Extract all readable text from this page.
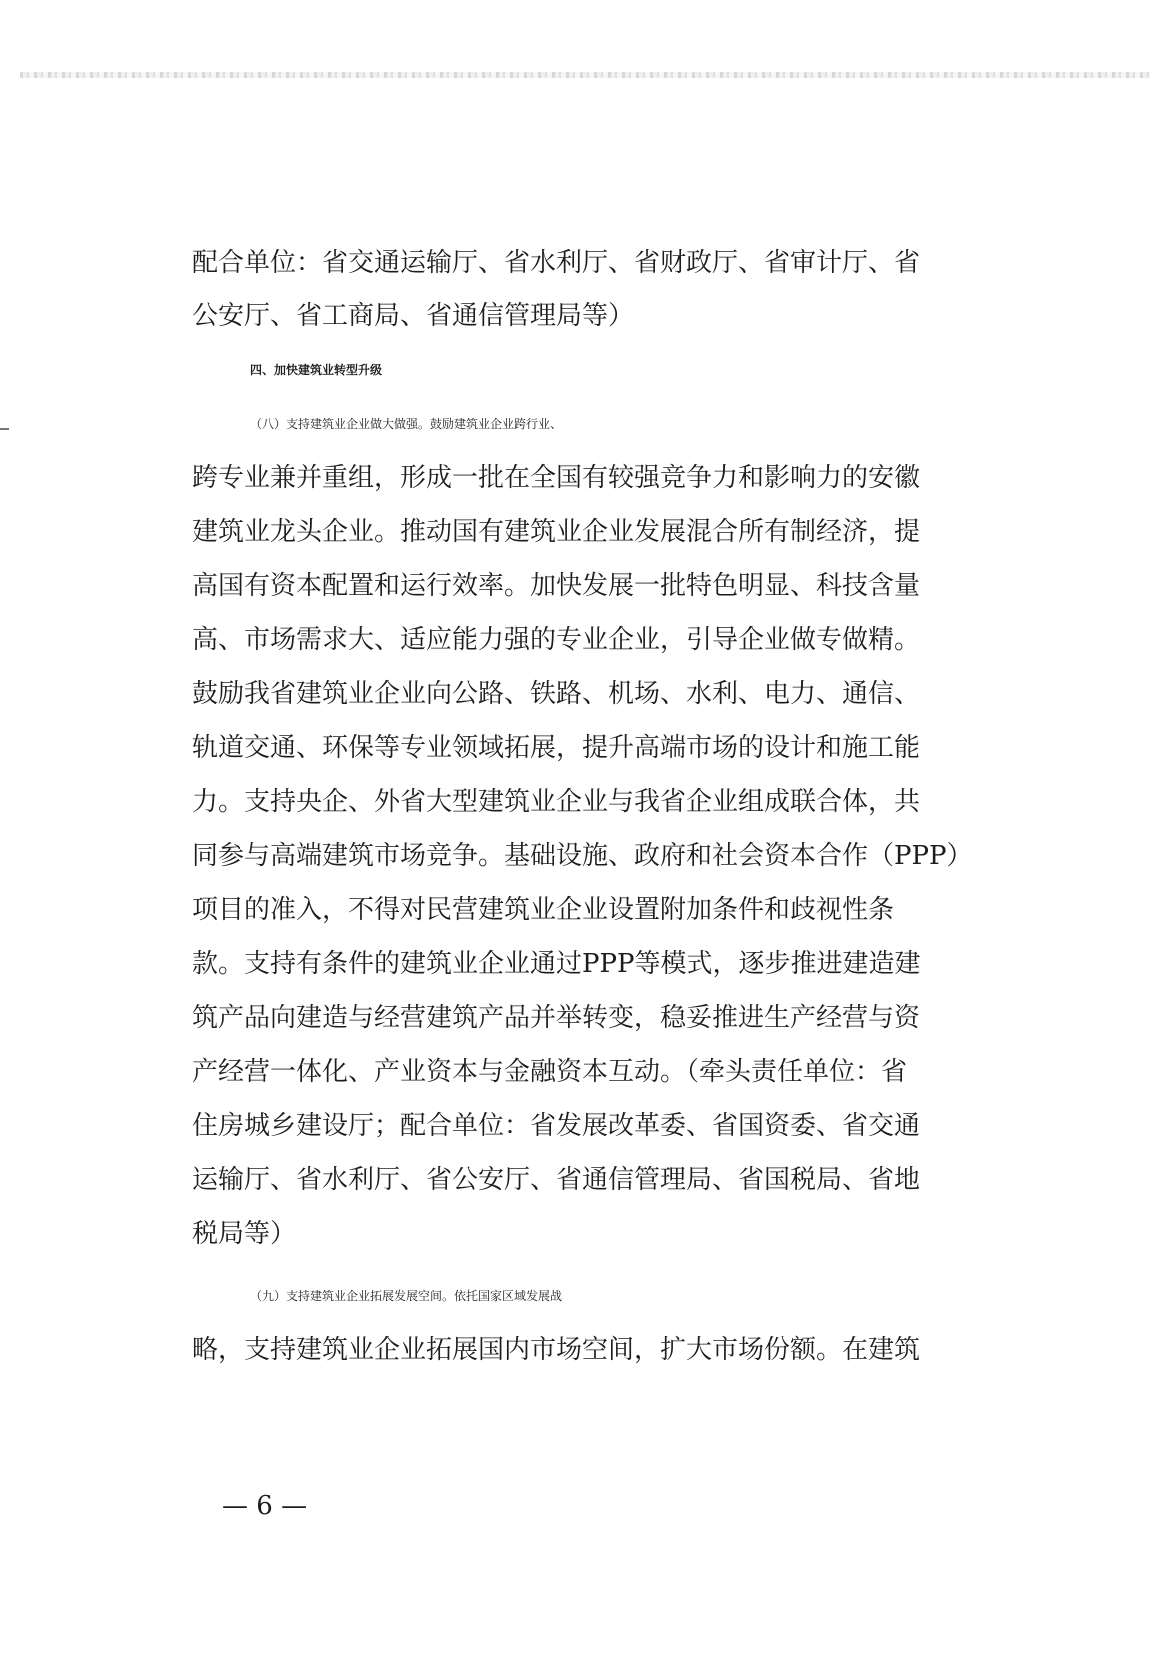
配合单位：省交通运输厅、省水利厅、省财政厅、省审计厅、省
公安厅、省工商局、省通信管理局等）
四、加快建筑业转型升级
（八）支持建筑业企业做大做强。鼓励建筑业企业跨行业、
跨专业兼并重组，形成一批在全国有较强竞争力和影响力的安徽
建筑业龙头企业。推动国有建筑业企业发展混合所有制经济，提
高国有资本配置和运行效率。加快发展一批特色明显、科技含量
高、市场需求大、适应能力强的专业企业，引导企业做专做精。
鼓励我省建筑业企业向公路、铁路、机场、水利、电力、通信、
轨道交通、环保等专业领域拓展，提升高端市场的设计和施工能
力。支持央企、外省大型建筑业企业与我省企业组成联合体，共
同参与高端建筑市场竞争。基础设施、政府和社会资本合作（PPP）
项目的准入，不得对民营建筑业企业设置附加条件和歧视性条
款。支持有条件的建筑业企业通过PPP等模式，逐步推进建造建
筑产品向建造与经营建筑产品并举转变，稳妥推进生产经营与资
产经营一体化、产业资本与金融资本互动。（牵头责任单位：省
住房城乡建设厅；配合单位：省发展改革委、省国资委、省交通
运输厅、省水利厅、省公安厅、省通信管理局、省国税局、省地
税局等）
（九）支持建筑业企业拓展发展空间。依托国家区域发展战
略，支持建筑业企业拓展国内市场空间，扩大市场份额。在建筑
— 6 —
